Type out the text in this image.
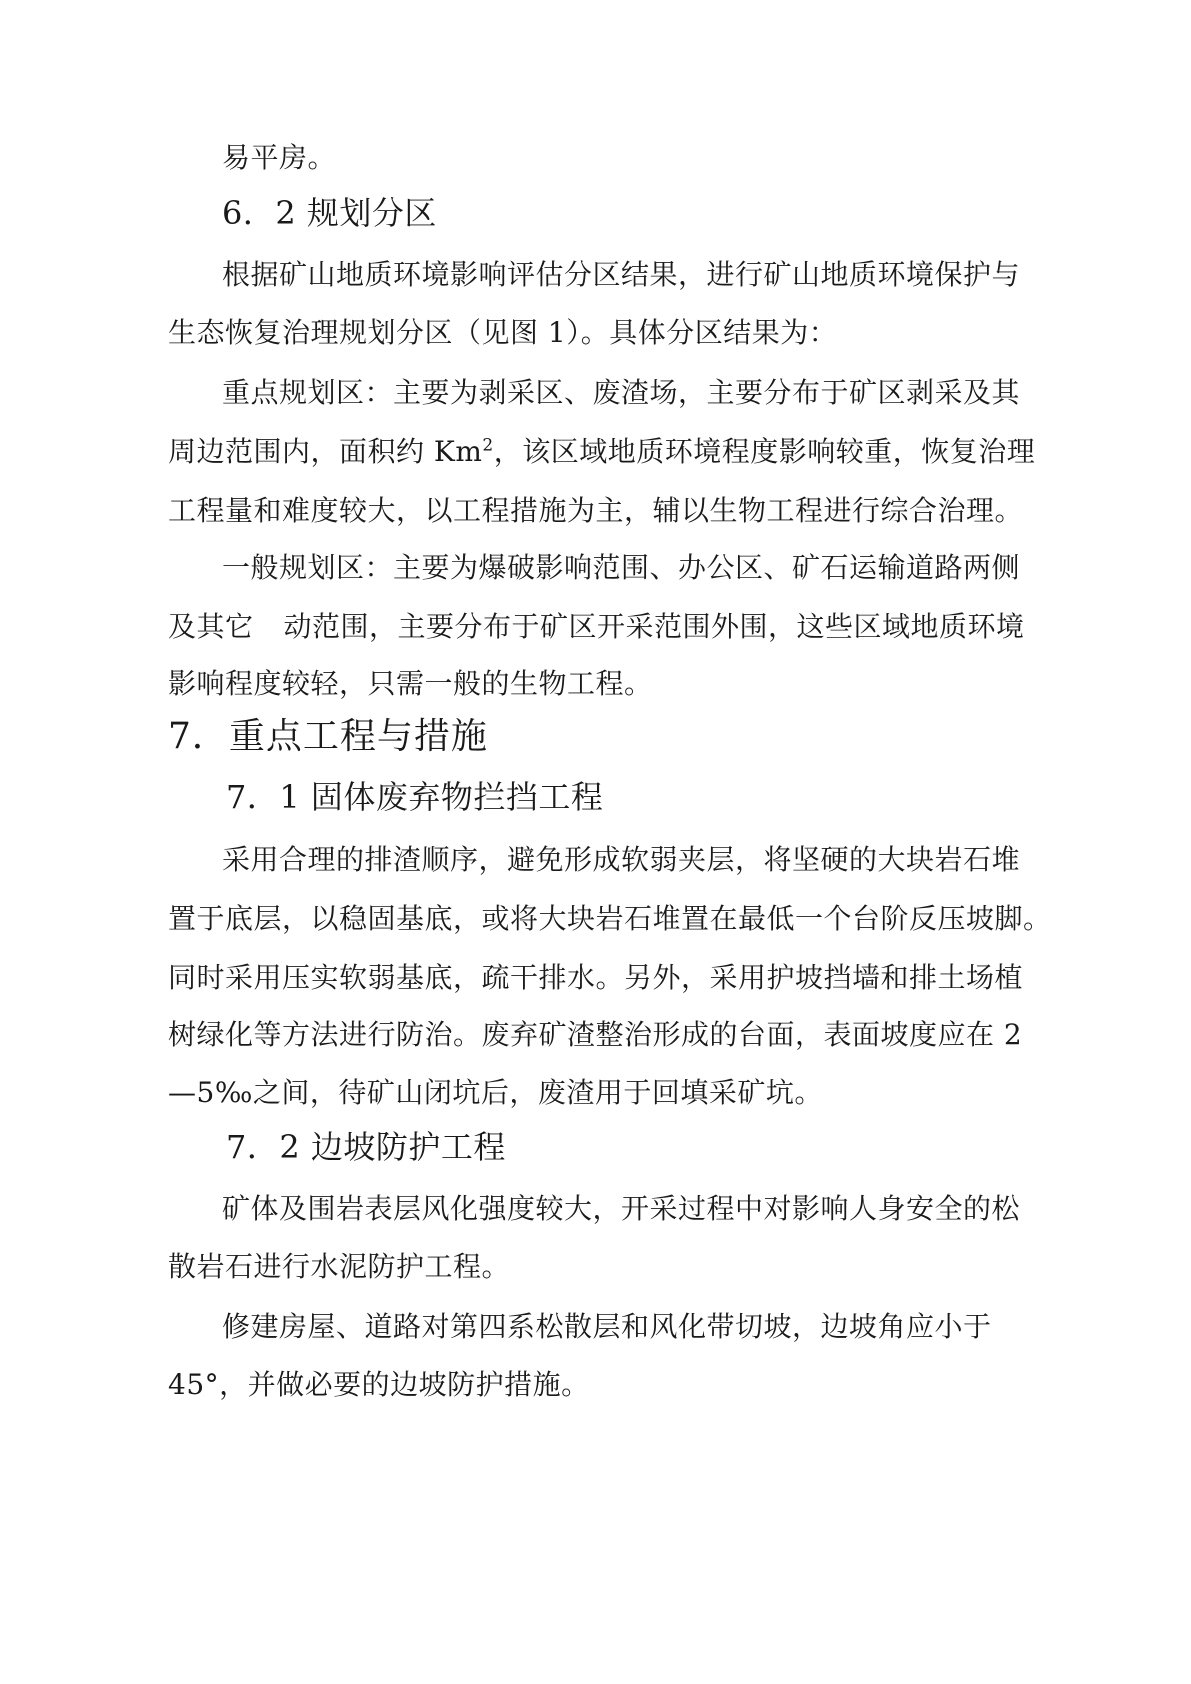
易平房。
6．2 规划分区
根据矿山地质环境影响评估分区结果，进行矿山地质环境保护与
生态恢复治理规划分区（见图 1）。具体分区结果为：
重点规划区：主要为剥采区、废渣场，主要分布于矿区剥采及其
周边范围内，面积约 Km$^2$，该区域地质环境程度影响较重，恢复治理
工程量和难度较大，以工程措施为主，辅以生物工程进行综合治理。
一般规划区：主要为爆破影响范围、办公区、矿石运输道路两侧
及其它 动范围，主要分布于矿区开采范围外围，这些区域地质环境
影响程度较轻，只需一般的生物工程。
7．重点工程与措施
7．1 固体废弃物拦挡工程
采用合理的排渣顺序，避免形成软弱夹层，将坚硬的大块岩石堆
置于底层，以稳固基底，或将大块岩石堆置在最低一个台阶反压坡脚。
同时采用压实软弱基底，疏干排水。另外，采用护坡挡墙和排土场植
树绿化等方法进行防治。废弃矿渣整治形成的台面，表面坡度应在 2
—5‰之间，待矿山闭坑后，废渣用于回填采矿坑。
7．2 边坡防护工程
矿体及围岩表层风化强度较大，开采过程中对影响人身安全的松
散岩石进行水泥防护工程。
修建房屋、道路对第四系松散层和风化带切坡，边坡角应小于
45°，并做必要的边坡防护措施。
